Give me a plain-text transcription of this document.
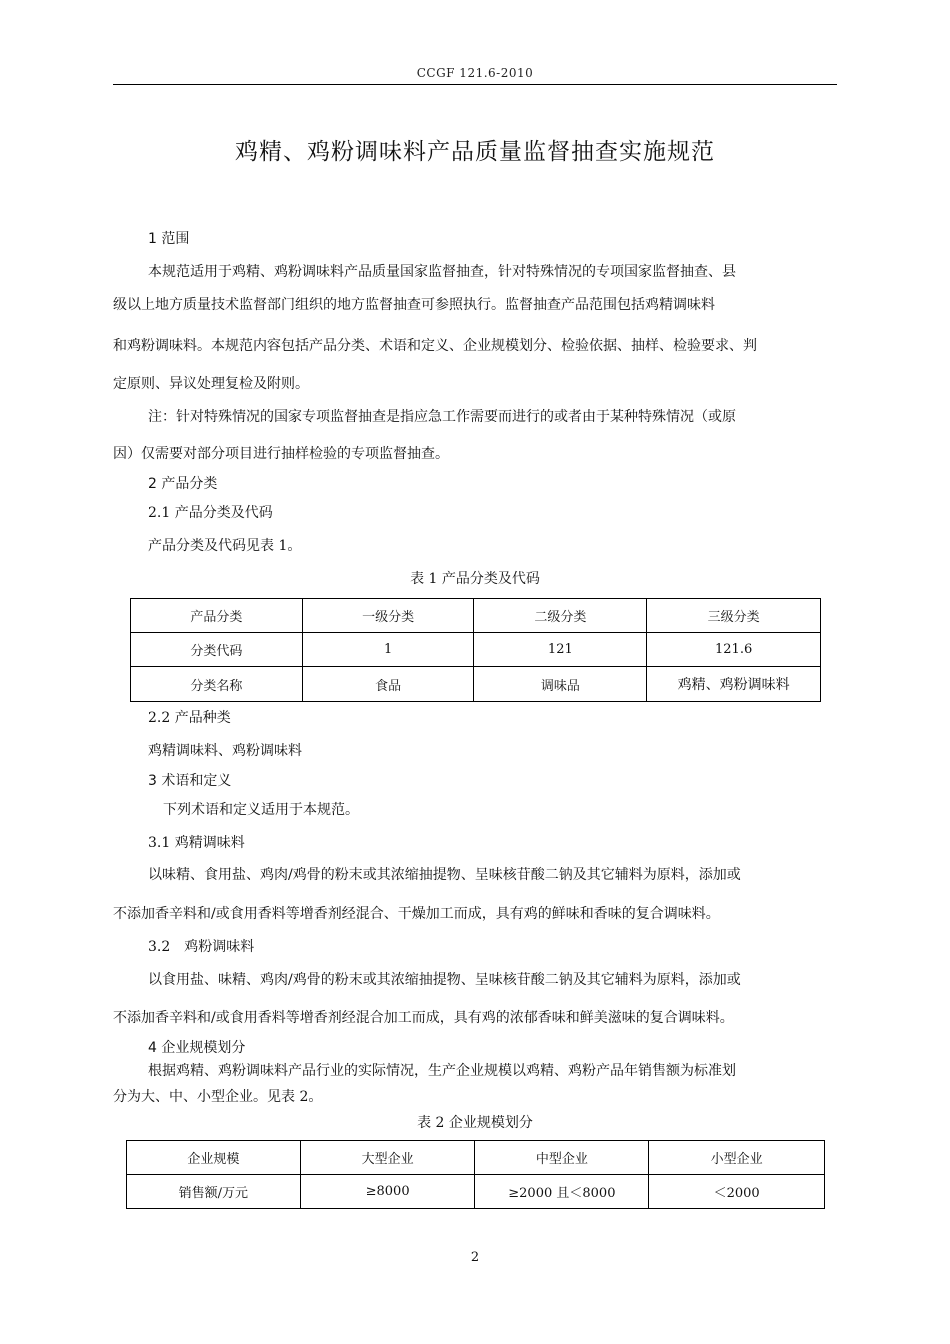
CCGF 121.6-2010
鸡精、鸡粉调味料产品质量监督抽查实施规范
1 范围
本规范适用于鸡精、鸡粉调味料产品质量国家监督抽查，针对特殊情况的专项国家监督抽查、县
级以上地方质量技术监督部门组织的地方监督抽查可参照执行。监督抽查产品范围包括鸡精调味料
和鸡粉调味料。本规范内容包括产品分类、术语和定义、企业规模划分、检验依据、抽样、检验要求、判
定原则、异议处理复检及附则。
注：针对特殊情况的国家专项监督抽查是指应急工作需要而进行的或者由于某种特殊情况（或原
因）仅需要对部分项目进行抽样检验的专项监督抽查。
2 产品分类
2.1 产品分类及代码
产品分类及代码见表 1。
表 1 产品分类及代码
产品分类	一级分类	二级分类	三级分类
分类代码	1	121	121.6
分类名称	食品	调味品	鸡精、鸡粉调味料
2.2 产品种类
鸡精调味料、鸡粉调味料
3 术语和定义
下列术语和定义适用于本规范。
3.1 鸡精调味料
以味精、食用盐、鸡肉/鸡骨的粉末或其浓缩抽提物、呈味核苷酸二钠及其它辅料为原料，添加或
不添加香辛料和/或食用香料等增香剂经混合、干燥加工而成，具有鸡的鲜味和香味的复合调味料。
3.2　鸡粉调味料
以食用盐、味精、鸡肉/鸡骨的粉末或其浓缩抽提物、呈味核苷酸二钠及其它辅料为原料，添加或
不添加香辛料和/或食用香料等增香剂经混合加工而成，具有鸡的浓郁香味和鲜美滋味的复合调味料。
4 企业规模划分
根据鸡精、鸡粉调味料产品行业的实际情况，生产企业规模以鸡精、鸡粉产品年销售额为标准划
分为大、中、小型企业。见表 2。
表 2 企业规模划分
企业规模	大型企业	中型企业	小型企业
销售额/万元	≥8000	≥2000 且＜8000	＜2000
2
